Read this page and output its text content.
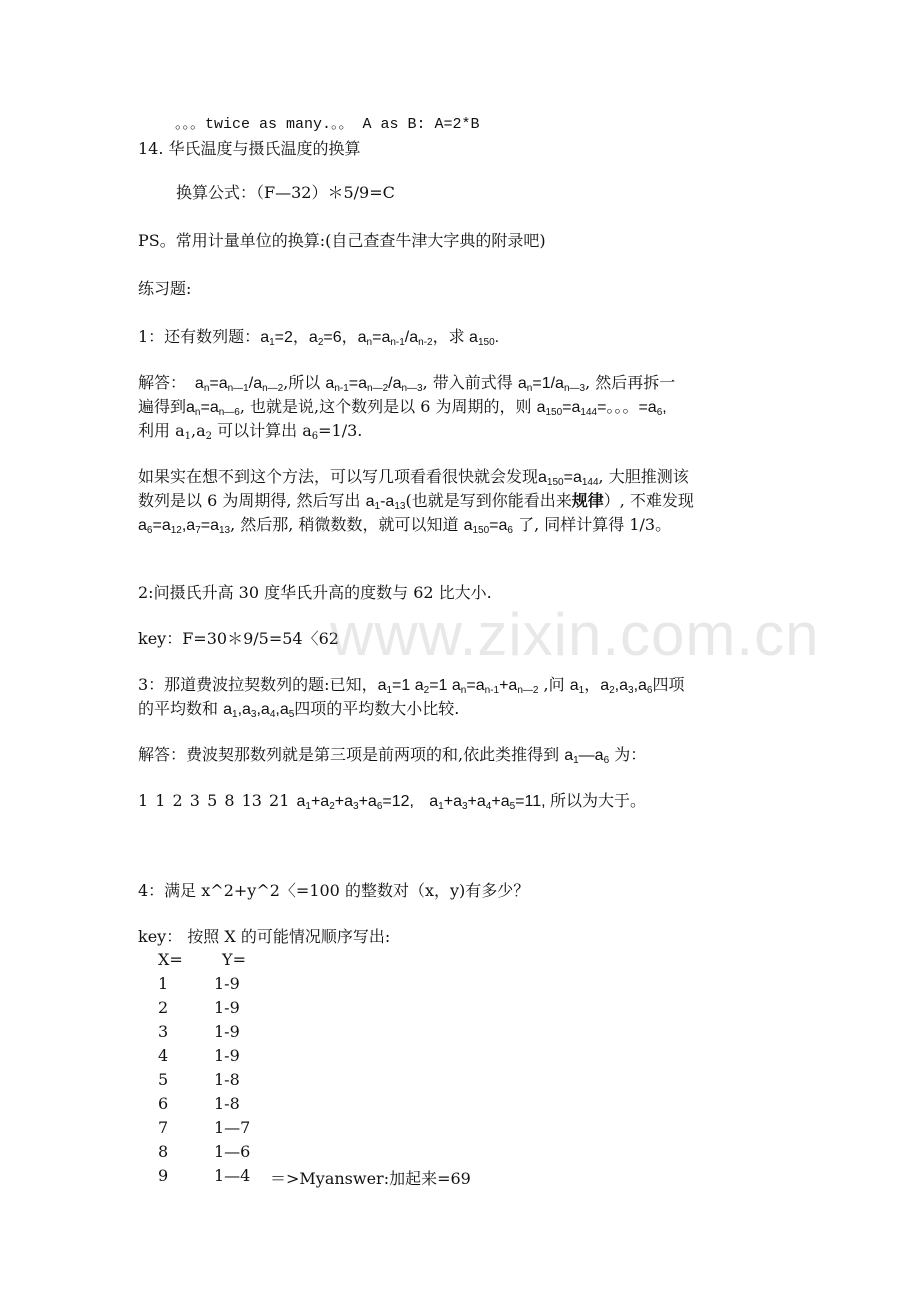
。。。twice as many.。。 A as B: A=2*B
14. 华氏温度与摄氏温度的换算
换算公式：（F—32）＊5/9=C
PS。常用计量单位的换算:(自己查查牛津大字典的附录吧)
练习题:
1：还有数列题：$a_1=2$，$a_2=6$，$a_n=a_{n-1}/a_{n-2}$，求 $a_{150}$.
解答：  $a_n=a_{n—1}/a_{n—2}$,所以 $a_{n-1}=a_{n—2}/a_{n—3}$, 带入前式得 $a_n=1/a_{n—3}$, 然后再拆一
遍得到$a_n=a_{n—6}$, 也就是说,这个数列是以 6 为周期的，则 $a_{150}=a_{144}=$。。。$=a_6$,
利用 $a_1,a_2$ 可以计算出 $a_6=1/3$.
如果实在想不到这个方法，可以写几项看看很快就会发现$a_{150}=a_{144}$, 大胆推测该
数列是以 6 为周期得, 然后写出 $a_1-a_{13}$(也就是写到你能看出来规律）, 不难发现
$a_6=a_{12},a_7=a_{13}$, 然后那, 稍微数数，就可以知道 $a_{150}=a_6$ 了, 同样计算得 1/3。
2:问摄氏升高 30 度华氏升高的度数与 62 比大小.
key：F=30＊9/5=54〈62
3：那道费波拉契数列的题:已知，$a_1=1$ $a_2=1$ $a_n=a_{n-1}+a_{n—2}$ ,问 $a_1$，$a_2,a_3,a_6$四项
的平均数和 $a_1,a_3,a_4,a_5$四项的平均数大小比较.
解答：费波契那数列就是第三项是前两项的和,依此类推得到 $a_1—a_6$ 为：
1 1 2 3 5 8 13 21 $a_1+a_2+a_3+a_6=12$, $a_1+a_3+a_4+a_5=11$, 所以为大于。
4：满足 x^2+y^2〈=100 的整数对（x，y)有多少？
key： 按照 X 的可能情况顺序写出:
X= Y=
1	1-9
2	1-9
3	1-9
4	1-9
5	1-8
6	1-8
7	1—7
8	1—6
9	1—4 ＝>Myanswer:加起来=69
www.zixin.com.cn
